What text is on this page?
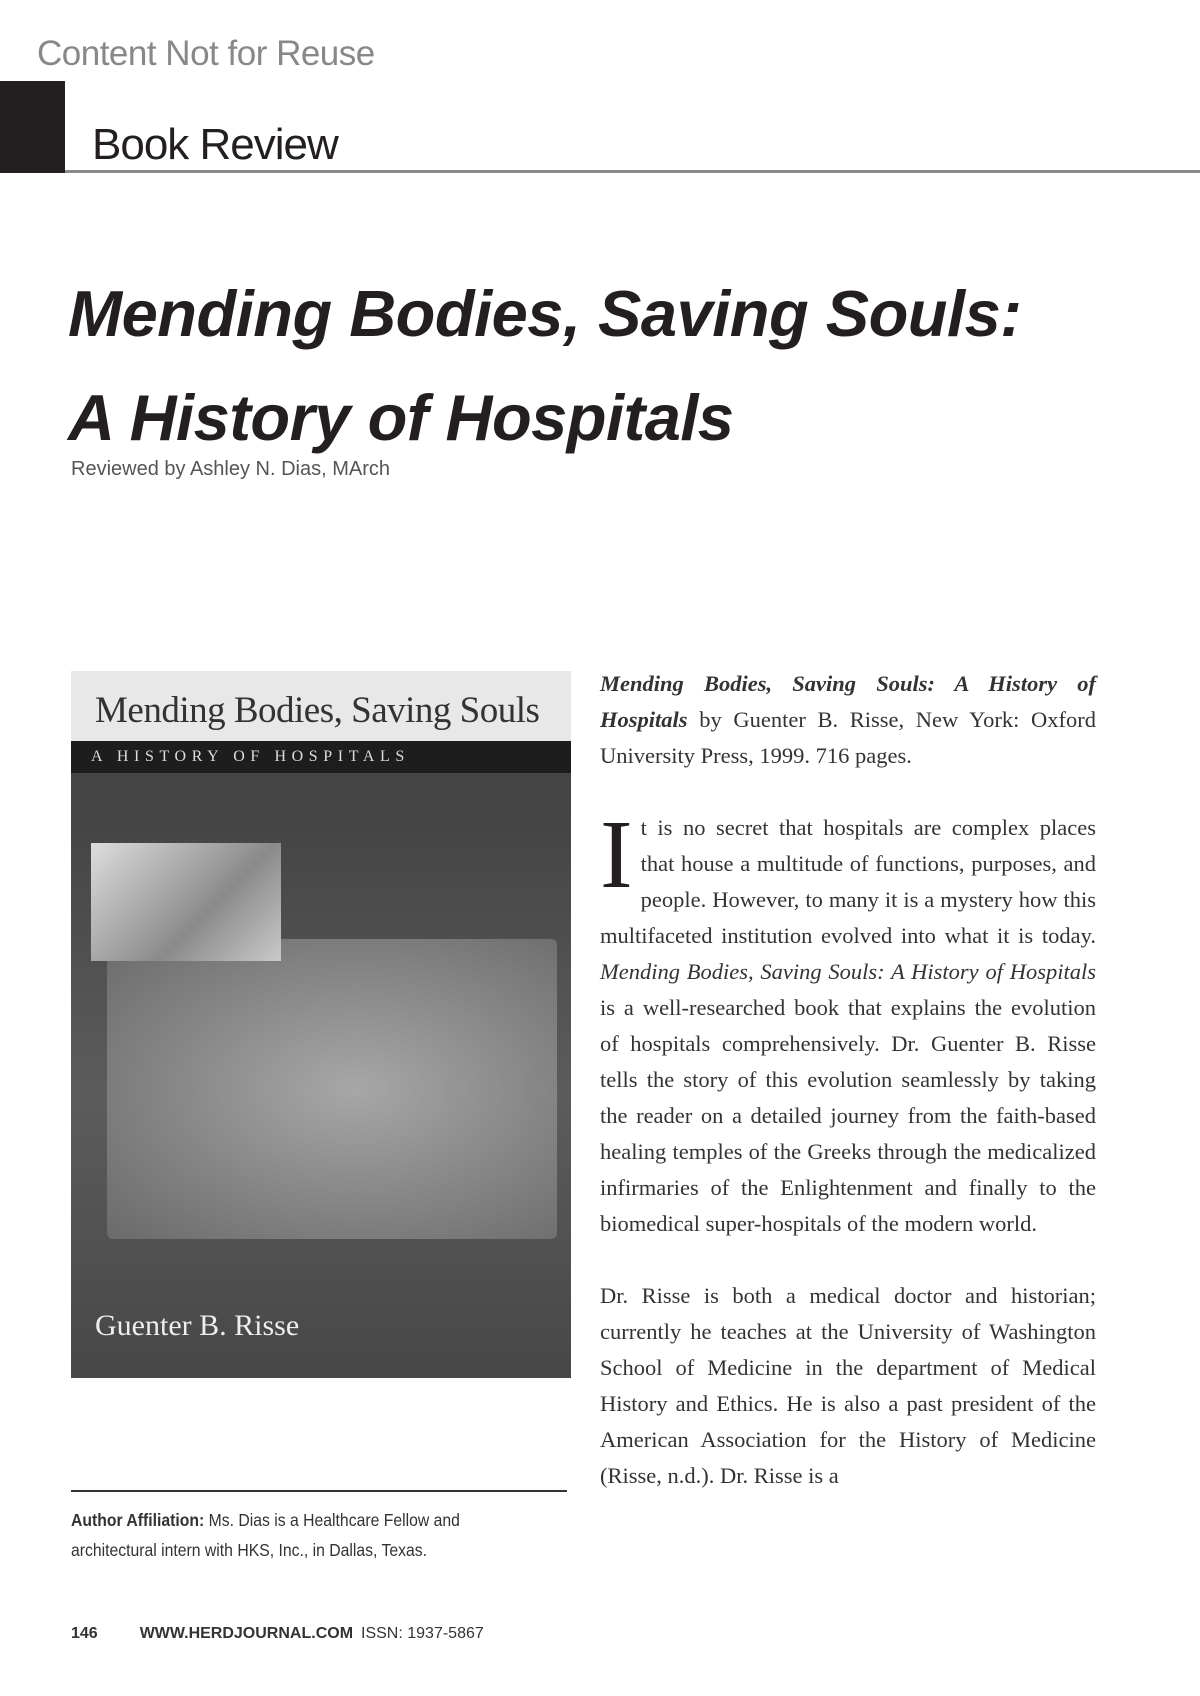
Content Not for Reuse
Book Review
Mending Bodies, Saving Souls:
A History of Hospitals
Reviewed by Ashley N. Dias, MArch
Mending Bodies, Saving Souls
A HISTORY OF HOSPITALS
Guenter B. Risse

Mending Bodies, Saving Souls: A History of Hospitals by Guenter B. Risse, New York: Oxford University Press, 1999. 716 pages.

It is no secret that hospitals are complex places that house a multitude of functions, purposes, and people. However, to many it is a mystery how this multifaceted institution evolved into what it is today. Mending Bodies, Saving Souls: A History of Hospitals is a well-researched book that explains the evolution of hospitals comprehensively. Dr. Guenter B. Risse tells the story of this evolution seamlessly by taking the reader on a detailed journey from the faith-based healing temples of the Greeks through the medicalized infirmaries of the Enlightenment and finally to the biomedical super-hospitals of the modern world.

Dr. Risse is both a medical doctor and historian; currently he teaches at the University of Washington School of Medicine in the department of Medical History and Ethics. He is also a past president of the American Association for the History of Medicine (Risse, n.d.). Dr. Risse is a

Author Affiliation: Ms. Dias is a Healthcare Fellow and architectural intern with HKS, Inc., in Dallas, Texas.
146	WWW.HERDJOURNAL.COM ISSN: 1937-5867
